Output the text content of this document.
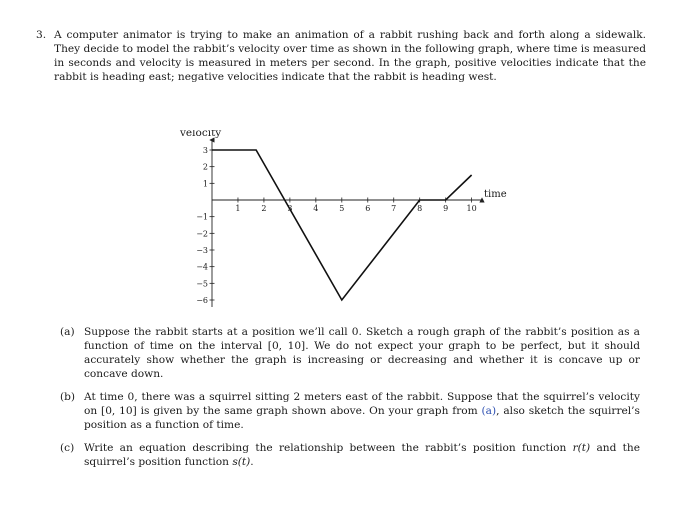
3. A computer animator is trying to make an animation of a rabbit rushing back and forth along a sidewalk. They decide to model the rabbit’s velocity over time as shown in the following graph, where time is measured in seconds and velocity is measured in meters per second. In the graph, positive velocities indicate that the rabbit is heading east; negative velocities indicate that the rabbit is heading west.
velocity
time
3
2
1
−1
−2
−3
−4
−5
−6
1	2	3	4	5	6	7	8	9 10
(a) Suppose the rabbit starts at a position we’ll call 0. Sketch a rough graph of the rabbit’s position as a function of time on the interval [0, 10]. We do not expect your graph to be perfect, but it should accurately show whether the graph is increasing or decreasing and whether it is concave up or concave down.
(b) At time 0, there was a squirrel sitting 2 meters east of the rabbit. Suppose that the squirrel’s velocity on [0, 10] is given by the same graph shown above. On your graph from (a), also sketch the squirrel’s position as a function of time.
(c) Write an equation describing the relationship between the rabbit’s position function r(t) and the squirrel’s position function s(t).
